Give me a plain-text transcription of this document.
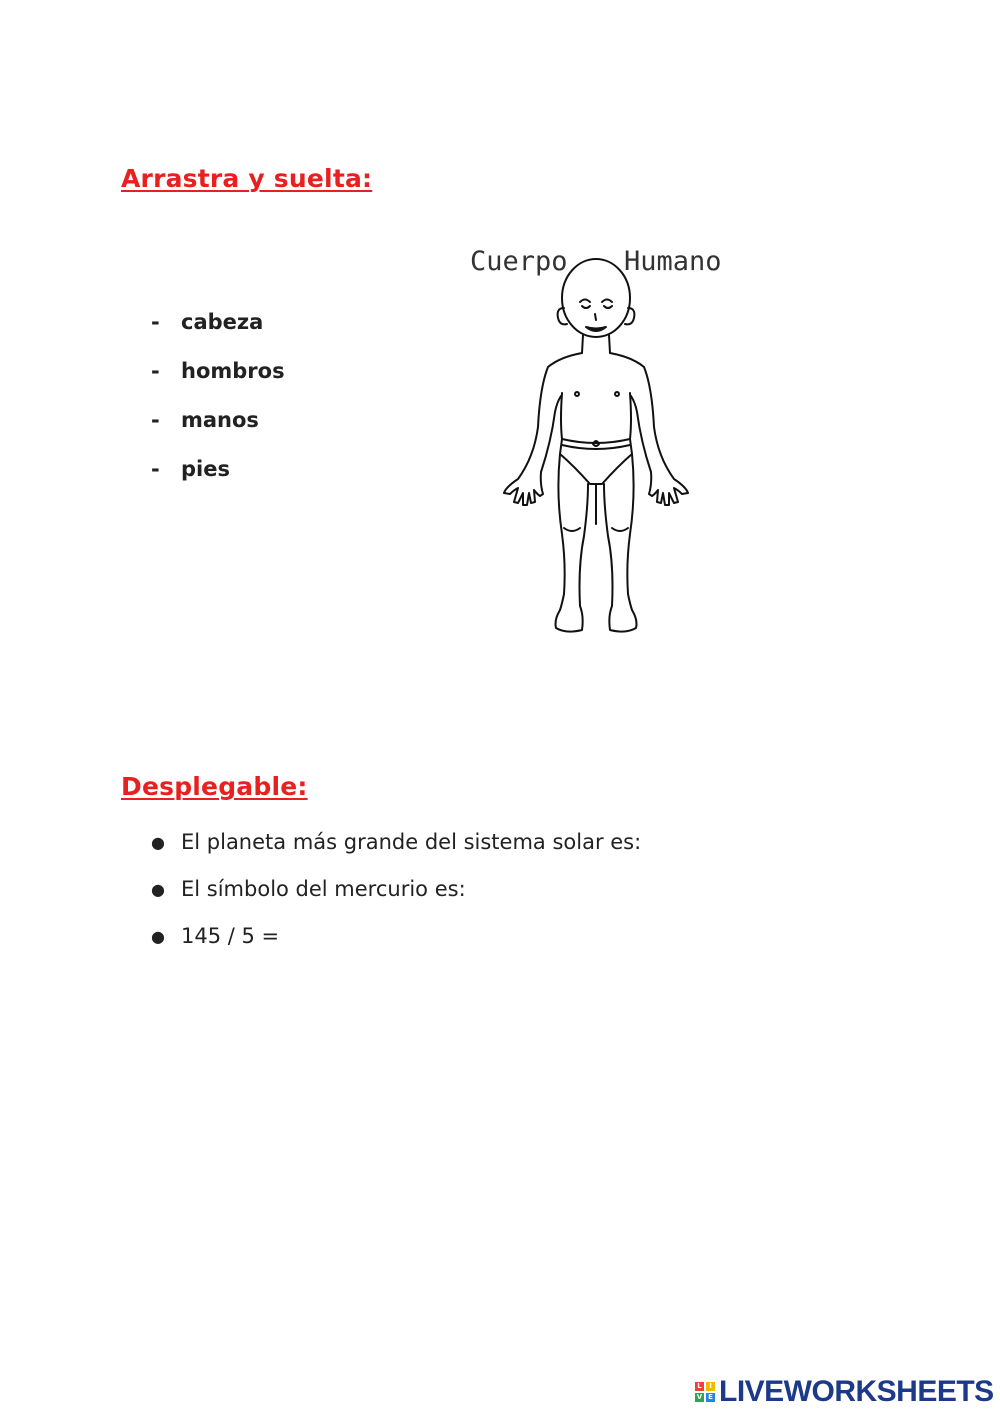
Arrastra y suelta:
-	cabeza
-	hombros
-	manos
-	pies
Cuerpo Humano
Desplegable:
● El planeta más grande del sistema solar es:
● El símbolo del mercurio es:
● 145 / 5 =
L	I
V E LIVEWORKSHEETS
